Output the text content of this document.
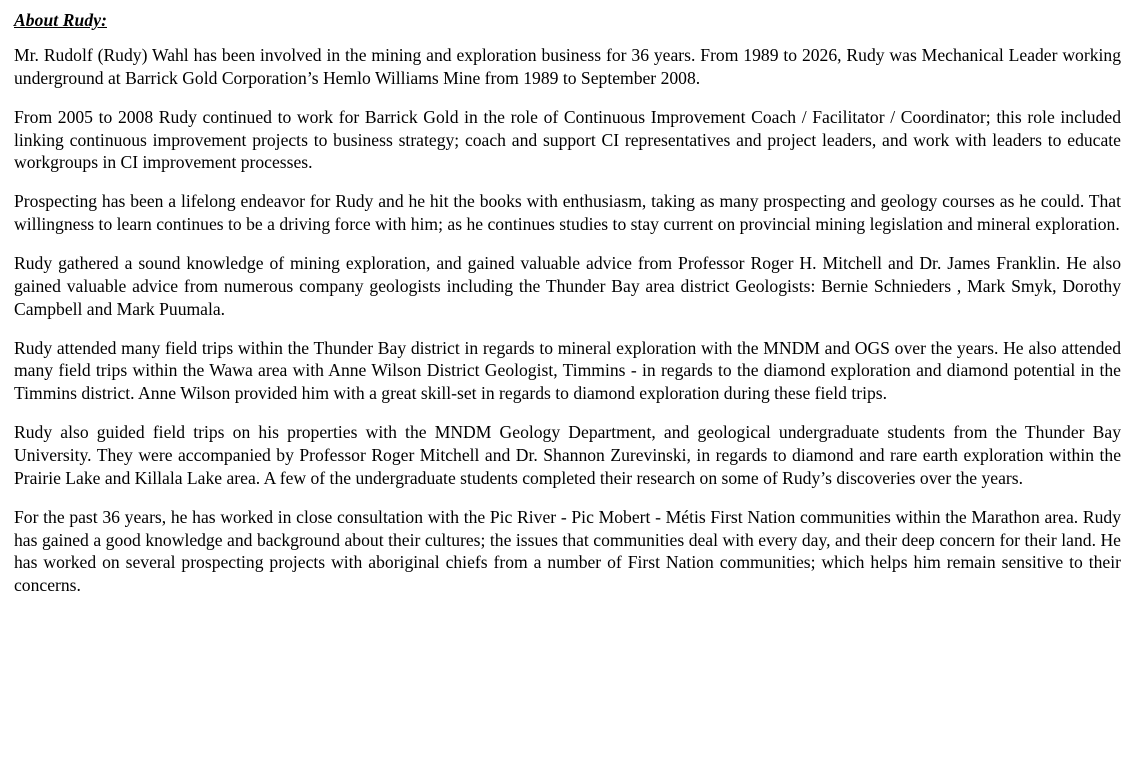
About Rudy:

Mr. Rudolf (Rudy) Wahl has been involved in the mining and exploration business for 36 years. From 1989 to 2026, Rudy was Mechanical Leader working underground at Barrick Gold Corporation’s Hemlo Williams Mine from 1989 to September 2008.

From 2005 to 2008 Rudy continued to work for Barrick Gold in the role of Continuous Improvement Coach / Facilitator / Coordinator; this role included linking continuous improvement projects to business strategy; coach and support CI representatives and project leaders, and work with leaders to educate workgroups in CI improvement processes.

Prospecting has been a lifelong endeavor for Rudy and he hit the books with enthusiasm, taking as many prospecting and geology courses as he could. That willingness to learn continues to be a driving force with him; as he continues studies to stay current on provincial mining legislation and mineral exploration.

Rudy gathered a sound knowledge of mining exploration, and gained valuable advice from Professor Roger H. Mitchell and Dr. James Franklin. He also gained valuable advice from numerous company geologists including the Thunder Bay area district Geologists: Bernie Schnieders , Mark Smyk, Dorothy Campbell and Mark Puumala.

Rudy attended many field trips within the Thunder Bay district in regards to mineral exploration with the MNDM and OGS over the years. He also attended many field trips within the Wawa area with Anne Wilson District Geologist, Timmins - in regards to the diamond exploration and diamond potential in the Timmins district. Anne Wilson provided him with a great skill-set in regards to diamond exploration during these field trips.

Rudy also guided field trips on his properties with the MNDM Geology Department, and geological undergraduate students from the Thunder Bay University. They were accompanied by Professor Roger Mitchell and Dr. Shannon Zurevinski, in regards to diamond and rare earth exploration within the Prairie Lake and Killala Lake area. A few of the undergraduate students completed their research on some of Rudy’s discoveries over the years.

For the past 36 years, he has worked in close consultation with the Pic River - Pic Mobert - Métis First Nation communities within the Marathon area. Rudy has gained a good knowledge and background about their cultures; the issues that communities deal with every day, and their deep concern for their land. He has worked on several prospecting projects with aboriginal chiefs from a number of First Nation communities; which helps him remain sensitive to their concerns.
